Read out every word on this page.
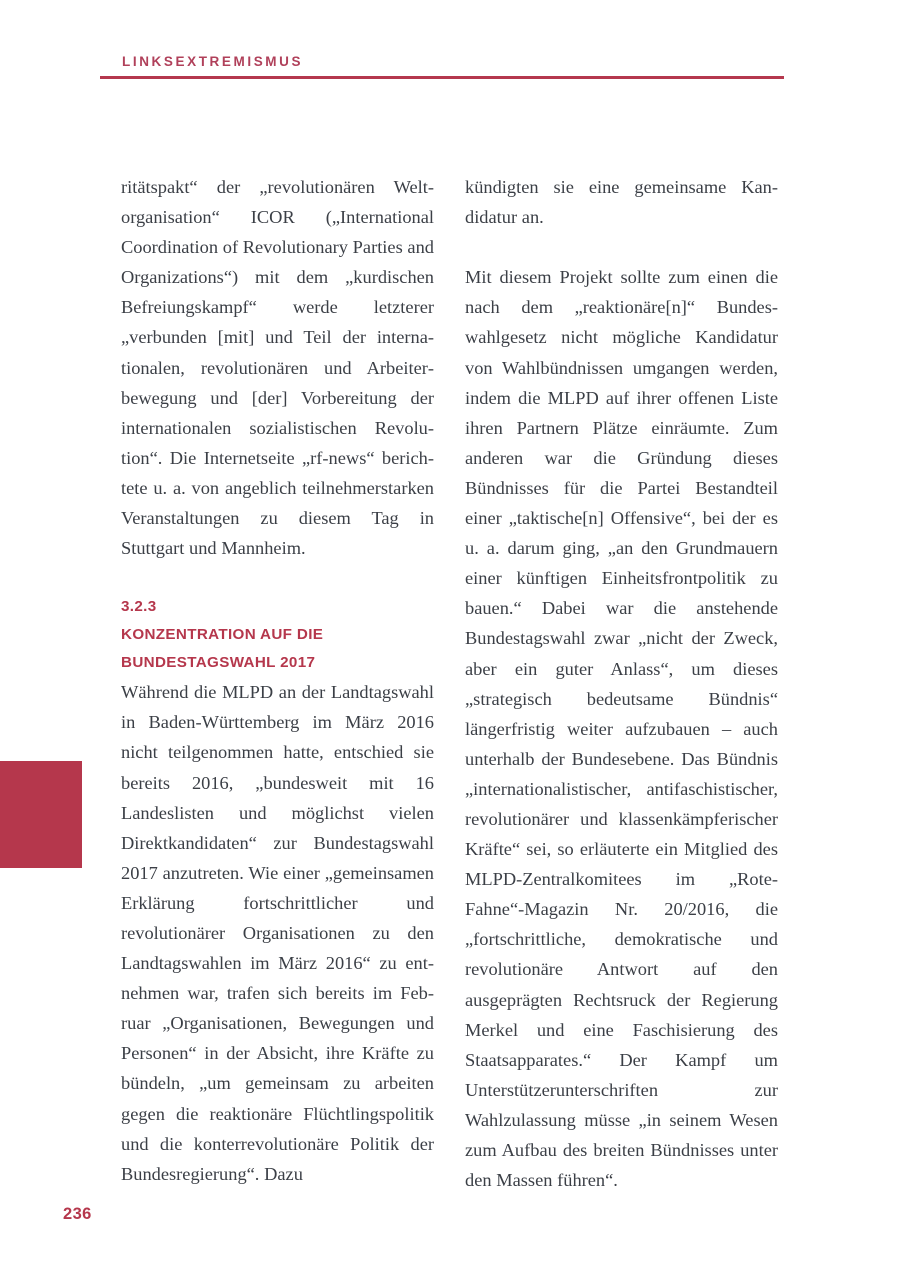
LINKSEXTREMISMUS

ritätspakt“ der „revolutionären Weltorganisation“ ICOR („International Coordination of Revolutionary Parties and Organizations“) mit dem „kurdischen Befreiungskampf“ werde letzterer „verbunden [mit] und Teil der internationalen, revolutionären und Arbeiterbewegung und [der] Vorbereitung der internationalen sozialistischen Revolution“. Die Internetseite „rf-news“ berichtete u. a. von angeblich teilnehmerstarken Veranstaltungen zu diesem Tag in Stuttgart und Mannheim.

3.2.3
KONZENTRATION AUF DIE BUNDESTAGSWAHL 2017

Während die MLPD an der Landtagswahl in Baden-Württemberg im März 2016 nicht teilgenommen hatte, entschied sie bereits 2016, „bundesweit mit 16 Landeslisten und möglichst vielen Direktkandidaten“ zur Bundestagswahl 2017 anzutreten. Wie einer „gemeinsamen Erklärung fortschrittlicher und revolutionärer Organisationen zu den Landtagswahlen im März 2016“ zu entnehmen war, trafen sich bereits im Februar „Organisationen, Bewegungen und Personen“ in der Absicht, ihre Kräfte zu bündeln, „um gemeinsam zu arbeiten gegen die reaktionäre Flüchtlingspolitik und die konterrevolutionäre Politik der Bundesregierung“. Dazu

kündigten sie eine gemeinsame Kandidatur an.

Mit diesem Projekt sollte zum einen die nach dem „reaktionäre[n]“ Bundeswahlgesetz nicht mögliche Kandidatur von Wahlbündnissen umgangen werden, indem die MLPD auf ihrer offenen Liste ihren Partnern Plätze einräumte. Zum anderen war die Gründung dieses Bündnisses für die Partei Bestandteil einer „taktische[n] Offensive“, bei der es u. a. darum ging, „an den Grundmauern einer künftigen Einheitsfrontpolitik zu bauen.“ Dabei war die anstehende Bundestagswahl zwar „nicht der Zweck, aber ein guter Anlass“, um dieses „strategisch bedeutsame Bündnis“ längerfristig weiter aufzubauen – auch unterhalb der Bundesebene. Das Bündnis „internationalistischer, antifaschistischer, revolutionärer und klassenkämpferischer Kräfte“ sei, so erläuterte ein Mitglied des MLPD-Zentralkomitees im „Rote-Fahne“-Magazin Nr. 20/2016, die „fortschrittliche, demokratische und revolutionäre Antwort auf den ausgeprägten Rechtsruck der Regierung Merkel und eine Faschisierung des Staatsapparates.“ Der Kampf um Unterstützerunterschriften zur Wahlzulassung müsse „in seinem Wesen zum Aufbau des breiten Bündnisses unter den Massen führen“.

236
